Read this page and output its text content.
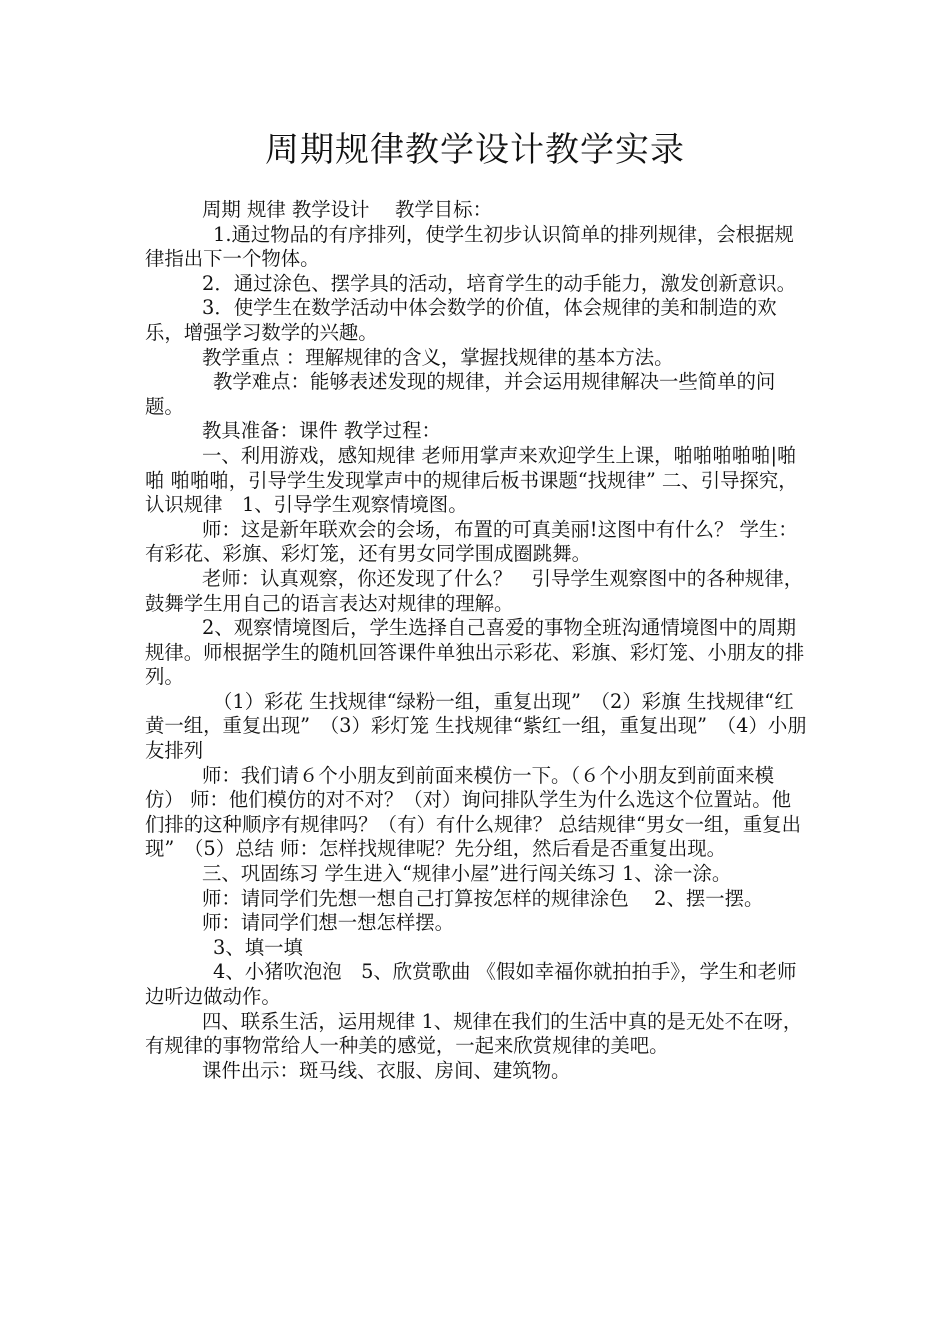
周期规律教学设计教学实录

周期 规律 教学设计　 教学目标：

1.通过物品的有序排列，使学生初步认识简单的排列规律，会根据规律指出下一个物体。

2．通过涂色、摆学具的活动，培育学生的动手能力，激发创新意识。

3．使学生在数学活动中体会数学的价值，体会规律的美和制造的欢乐，增强学习数学的兴趣。

教学重点 ：理解规律的含义，掌握找规律的基本方法。

教学难点：能够表述发现的规律，并会运用规律解决一些简单的问题。

教具准备：课件 教学过程：

一、利用游戏，感知规律 老师用掌声来欢迎学生上课，啪啪啪啪啪|啪啪 啪啪啪，引导学生发现掌声中的规律后板书课题“找规律” 二、引导探究，认识规律　1、引导学生观察情境图。

师：这是新年联欢会的会场，布置的可真美丽!这图中有什么？ 学生：有彩花、彩旗、彩灯笼，还有男女同学围成圈跳舞。

老师：认真观察，你还发现了什么？　引导学生观察图中的各种规律，鼓舞学生用自己的语言表达对规律的理解。

2、观察情境图后，学生选择自己喜爱的事物全班沟通情境图中的周期规律。师根据学生的随机回答课件单独出示彩花、彩旗、彩灯笼、小朋友的排列。

（1）彩花 生找规律“绿粉一组，重复出现”　（2）彩旗 生找规律“红黄一组，重复出现”　（3）彩灯笼 生找规律“紫红一组，重复出现”　（4）小朋友排列

师：我们请６个小朋友到前面来模仿一下。（６个小朋友到前面来模仿） 师：他们模仿的对不对？（对）询问排队学生为什么选这个位置站。他们排的这种顺序有规律吗？（有）有什么规律？ 总结规律“男女一组，重复出现”　（5）总结 师：怎样找规律呢？先分组，然后看是否重复出现。

三、巩固练习 学生进入“规律小屋”进行闯关练习 1、涂一涂。

师：请同学们先想一想自己打算按怎样的规律涂色　 2、摆一摆。

师：请同学们想一想怎样摆。

3、填一填

4、小猪吹泡泡　5、欣赏歌曲 《假如幸福你就拍拍手》，学生和老师边听边做动作。

四、联系生活，运用规律 1、规律在我们的生活中真的是无处不在呀，有规律的事物常给人一种美的感觉，一起来欣赏规律的美吧。

课件出示：斑马线、衣服、房间、建筑物。
